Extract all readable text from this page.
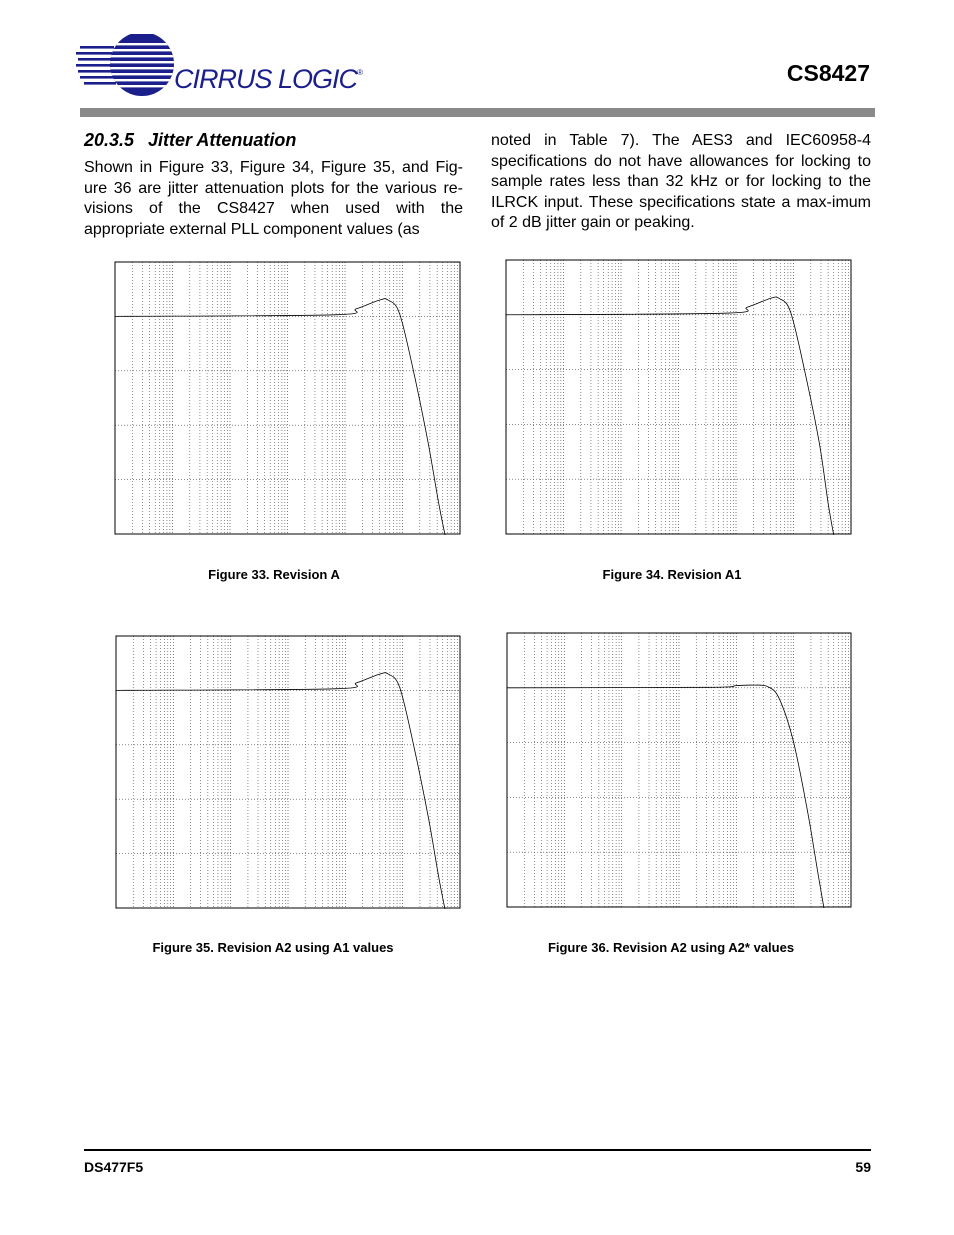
CIRRUS LOGIC®	CS8427
20.3.5 Jitter Attenuation
Shown in Figure 33, Figure 34, Figure 35, and Fig-ure 36 are jitter attenuation plots for the various re-visions of the CS8427 when used with the appropriate external PLL component values (as
noted in Table 7). The AES3 and IEC60958-4 specifications do not have allowances for locking to sample rates less than 32 kHz or for locking to the ILRCK input. These specifications state a max-imum of 2 dB jitter gain or peaking.
Figure 33. Revision A	Figure 34. Revision A1
Figure 35. Revision A2 using A1 values	Figure 36. Revision A2 using A2* values
DS477F5	59
